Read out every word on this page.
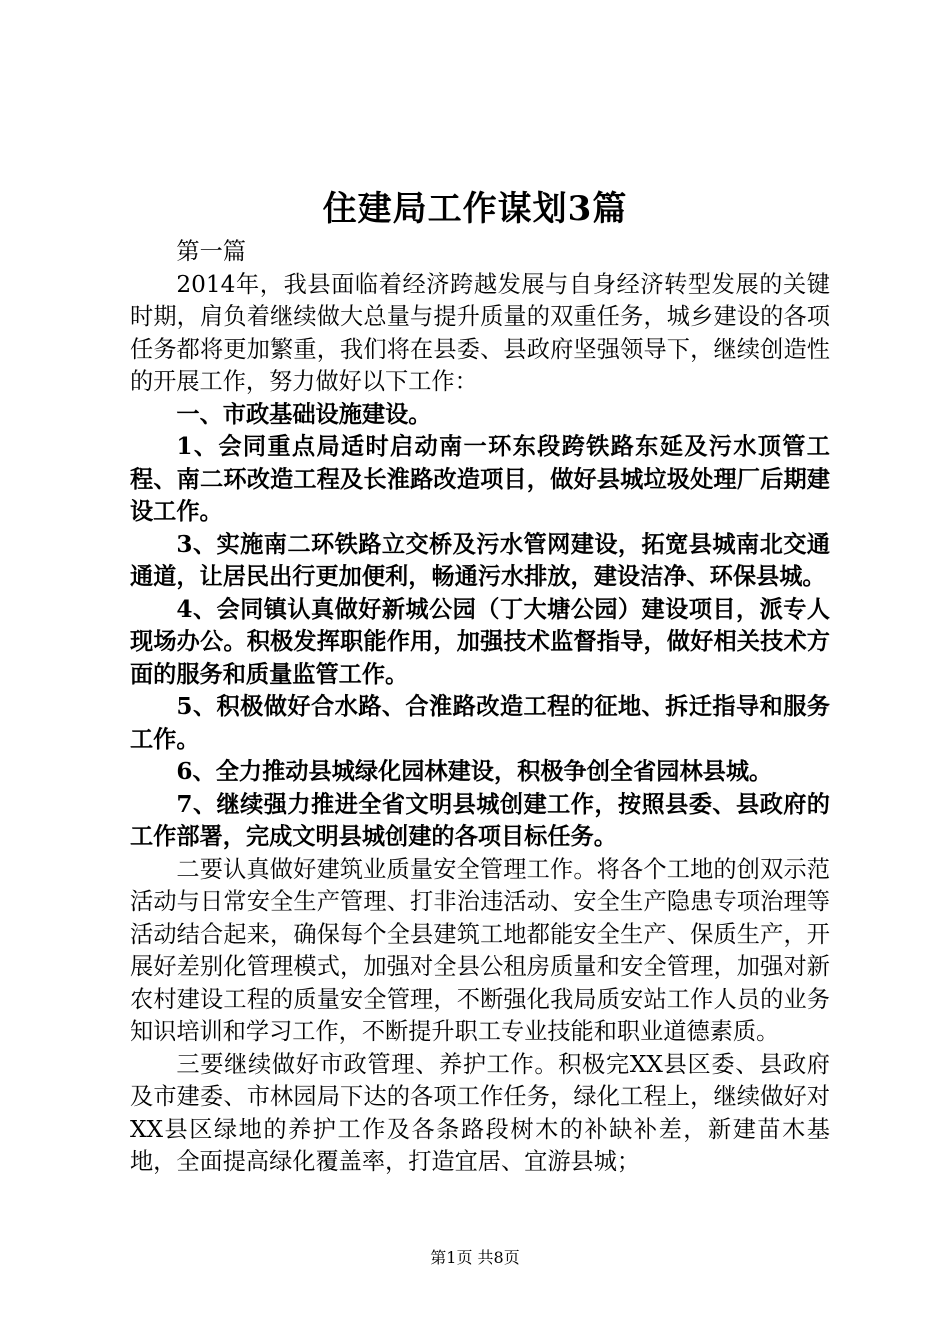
住建局工作谋划3篇

第一篇

2014年，我县面临着经济跨越发展与自身经济转型发展的关键时期，肩负着继续做大总量与提升质量的双重任务，城乡建设的各项任务都将更加繁重，我们将在县委、县政府坚强领导下，继续创造性的开展工作，努力做好以下工作：

一、市政基础设施建设。

1、会同重点局适时启动南一环东段跨铁路东延及污水顶管工程、南二环改造工程及长淮路改造项目，做好县城垃圾处理厂后期建设工作。

3、实施南二环铁路立交桥及污水管网建设，拓宽县城南北交通通道，让居民出行更加便利，畅通污水排放，建设洁净、环保县城。

4、会同镇认真做好新城公园（丁大塘公园）建设项目，派专人现场办公。积极发挥职能作用，加强技术监督指导，做好相关技术方面的服务和质量监管工作。

5、积极做好合水路、合淮路改造工程的征地、拆迁指导和服务工作。

6、全力推动县城绿化园林建设，积极争创全省园林县城。

7、继续强力推进全省文明县城创建工作，按照县委、县政府的工作部署，完成文明县城创建的各项目标任务。

二要认真做好建筑业质量安全管理工作。将各个工地的创双示范活动与日常安全生产管理、打非治违活动、安全生产隐患专项治理等活动结合起来，确保每个全县建筑工地都能安全生产、保质生产，开展好差别化管理模式，加强对全县公租房质量和安全管理，加强对新农村建设工程的质量安全管理，不断强化我局质安站工作人员的业务知识培训和学习工作，不断提升职工专业技能和职业道德素质。

三要继续做好市政管理、养护工作。积极完XX县区委、县政府及市建委、市林园局下达的各项工作任务，绿化工程上，继续做好对XX县区绿地的养护工作及各条路段树木的补缺补差，新建苗木基地，全面提高绿化覆盖率，打造宜居、宜游县城；

第1页 共8页
